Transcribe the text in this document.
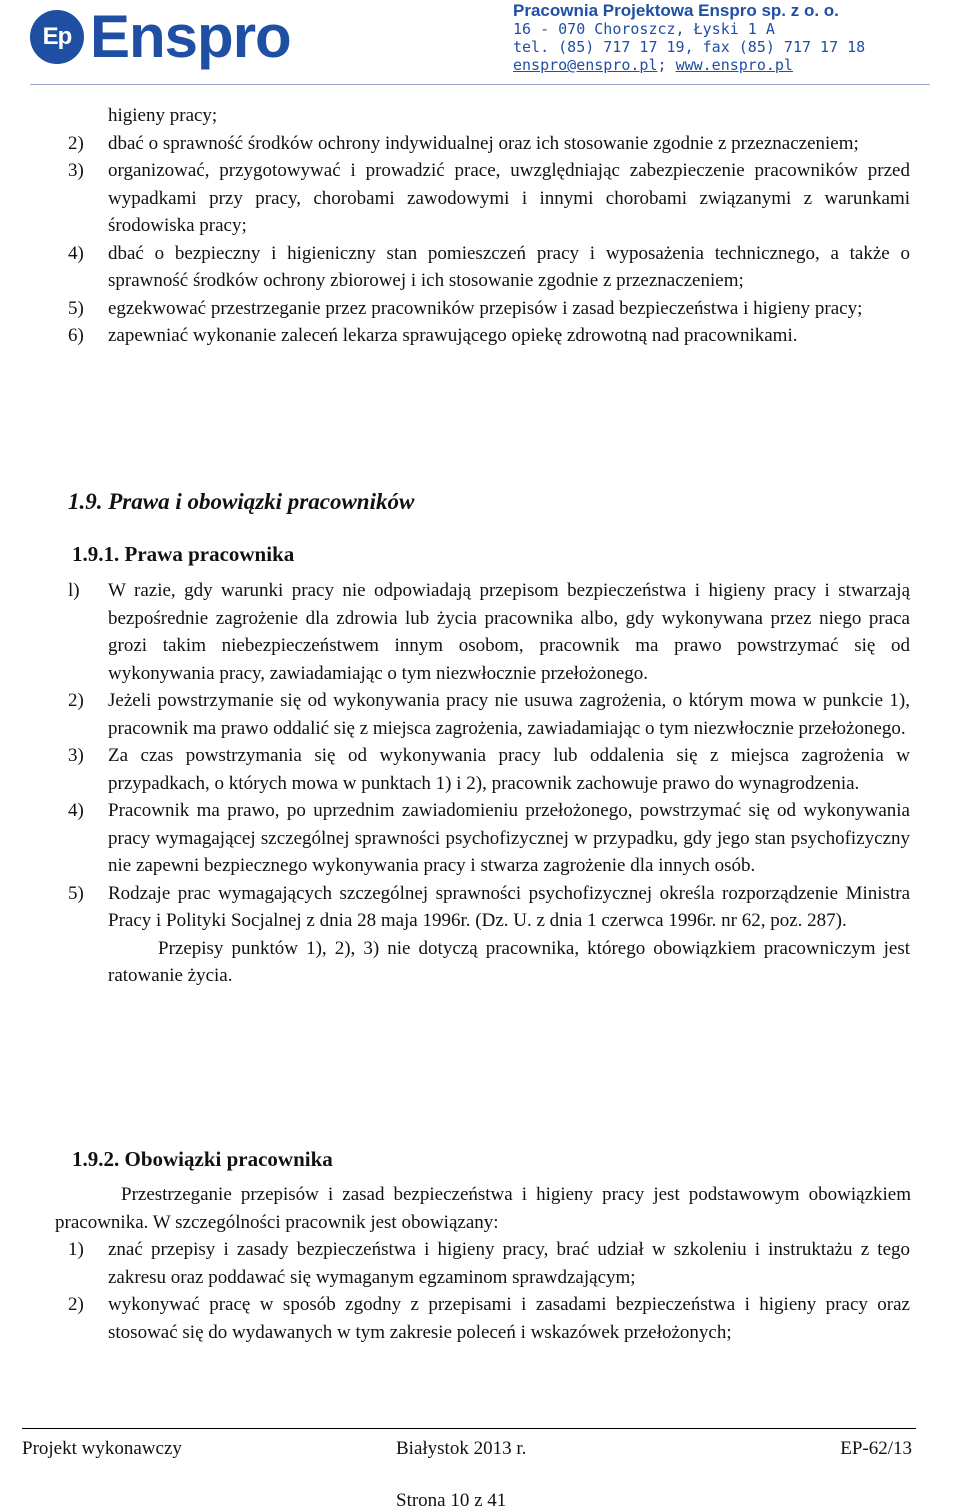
Ep Enspro	Pracownia Projektowa Enspro sp. z o. o.
16 - 070 Choroszcz, Łyski 1 A
tel. (85) 717 17 19, fax (85) 717 17 18
enspro@enspro.pl; www.enspro.pl
higieny pracy;
2) dbać o sprawność środków ochrony indywidualnej oraz ich stosowanie zgodnie z przeznaczeniem;
3) organizować, przygotowywać i prowadzić prace, uwzględniając zabezpieczenie pracowników przed wypadkami przy pracy, chorobami zawodowymi i innymi chorobami związanymi z warunkami środowiska pracy;
4) dbać o bezpieczny i higieniczny stan pomieszczeń pracy i wyposażenia technicznego, a także o sprawność środków ochrony zbiorowej i ich stosowanie zgodnie z przeznaczeniem;
5) egzekwować przestrzeganie przez pracowników przepisów i zasad bezpieczeństwa i higieny pracy;
6) zapewniać wykonanie zaleceń lekarza sprawującego opiekę zdrowotną nad pracownikami.
1.9. Prawa i obowiązki pracowników
1.9.1. Prawa pracownika
l) W razie, gdy warunki pracy nie odpowiadają przepisom bezpieczeństwa i higieny pracy i stwarzają bezpośrednie zagrożenie dla zdrowia lub życia pracownika albo, gdy wykonywana przez niego praca grozi takim niebezpieczeństwem innym osobom, pracownik ma prawo powstrzymać się od wykonywania pracy, zawiadamiając o tym niezwłocznie przełożonego.
2) Jeżeli powstrzymanie się od wykonywania pracy nie usuwa zagrożenia, o którym mowa w punkcie 1), pracownik ma prawo oddalić się z miejsca zagrożenia, zawiadamiając o tym niezwłocznie przełożonego.
3) Za czas powstrzymania się od wykonywania pracy lub oddalenia się z miejsca zagrożenia w przypadkach, o których mowa w punktach 1) i 2), pracownik zachowuje prawo do wynagrodzenia.
4) Pracownik ma prawo, po uprzednim zawiadomieniu przełożonego, powstrzymać się od wykonywania pracy wymagającej szczególnej sprawności psychofizycznej w przypadku, gdy jego stan psychofizyczny nie zapewni bezpiecznego wykonywania pracy i stwarza zagrożenie dla innych osób.
5) Rodzaje prac wymagających szczególnej sprawności psychofizycznej określa rozporządzenie Ministra Pracy i Polityki Socjalnej z dnia 28 maja 1996r. (Dz. U. z dnia 1 czerwca 1996r. nr 62, poz. 287).
Przepisy punktów 1), 2), 3) nie dotyczą pracownika, którego obowiązkiem pracowniczym jest ratowanie życia.
1.9.2. Obowiązki pracownika
Przestrzeganie przepisów i zasad bezpieczeństwa i higieny pracy jest podstawowym obowiązkiem pracownika. W szczególności pracownik jest obowiązany:
1) znać przepisy i zasady bezpieczeństwa i higieny pracy, brać udział w szkoleniu i instruktażu z tego zakresu oraz poddawać się wymaganym egzaminom sprawdzającym;
2) wykonywać pracę w sposób zgodny z przepisami i zasadami bezpieczeństwa i higieny pracy oraz stosować się do wydawanych w tym zakresie poleceń i wskazówek przełożonych;
Projekt wykonawczy	Białystok 2013 r.	EP-62/13
Strona 10 z 41
